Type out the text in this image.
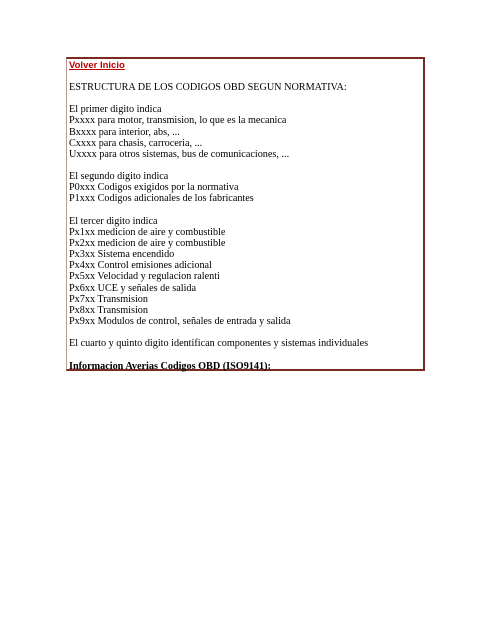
Volver Inicio
ESTRUCTURA DE LOS CODIGOS OBD SEGUN NORMATIVA:
El primer digito indica
Pxxxx para motor, transmision, lo que es la mecanica
Bxxxx para interior, abs, ...
Cxxxx para chasis, carroceria, ...
Uxxxx para otros sistemas, bus de comunicaciones, ...
El segundo digito indica
P0xxx Codigos exigidos por la normativa
P1xxx Codigos adicionales de los fabricantes
El tercer digito indica
Px1xx medicion de aire y combustible
Px2xx medicion de aire y combustible
Px3xx Sistema encendido
Px4xx Control emisiones adicional
Px5xx Velocidad y regulacion ralenti
Px6xx UCE y señales de salida
Px7xx Transmision
Px8xx Transmision
Px9xx Modulos de control, señales de entrada y salida
El cuarto y quinto digito identifican componentes y sistemas individuales
Informacion Averias Codigos OBD (ISO9141):
